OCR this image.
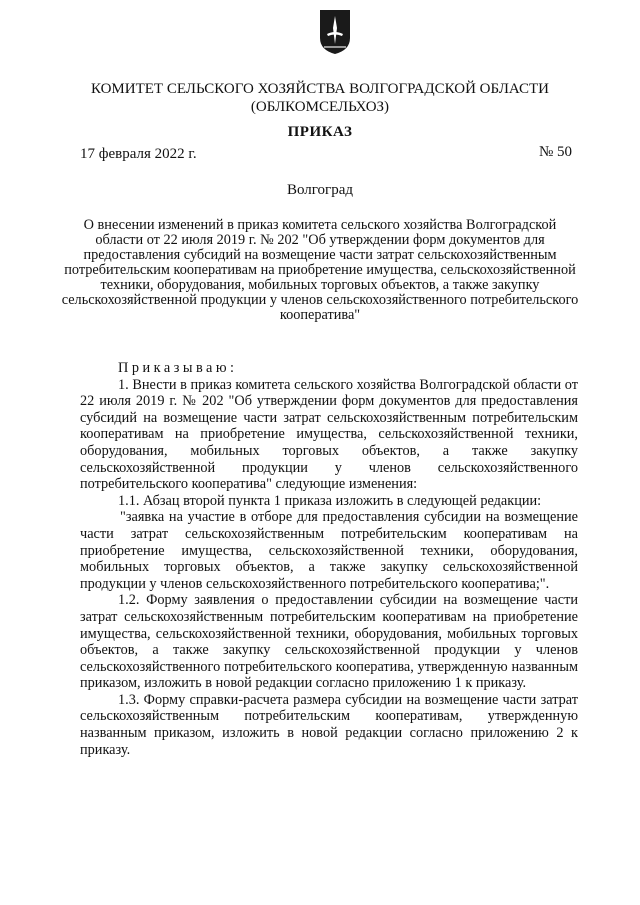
КОМИТЕТ СЕЛЬСКОГО ХОЗЯЙСТВА ВОЛГОГРАДСКОЙ ОБЛАСТИ
(ОБЛКОМСЕЛЬХОЗ)
ПРИКАЗ
17 февраля 2022 г.	№ 50
Волгоград
О внесении изменений в приказ комитета сельского хозяйства Волгоградской области от 22 июля 2019 г. № 202 "Об утверждении форм документов для предоставления субсидий на возмещение части затрат сельскохозяйственным потребительским кооперативам на приобретение имущества, сельскохозяйственной техники, оборудования, мобильных торговых объектов, а также закупку сельскохозяйственной продукции у членов сельскохозяйственного потребительского кооператива"

Приказываю:

1. Внести в приказ комитета сельского хозяйства Волгоградской области от 22 июля 2019 г. № 202 "Об утверждении форм документов для предоставления субсидий на возмещение части затрат сельскохозяйственным потребительским кооперативам на приобретение имущества, сельскохозяйственной техники, оборудования, мобильных торговых объектов, а также закупку сельскохозяйственной продукции у членов сельскохозяйственного потребительского кооператива" следующие изменения:

1.1. Абзац второй пункта 1 приказа изложить в следующей редакции:

"заявка на участие в отборе для предоставления субсидии на возмещение части затрат сельскохозяйственным потребительским кооперативам на приобретение имущества, сельскохозяйственной техники, оборудования, мобильных торговых объектов, а также закупку сельскохозяйственной продукции у членов сельскохозяйственного потребительского кооператива;".

1.2. Форму заявления о предоставлении субсидии на возмещение части затрат сельскохозяйственным потребительским кооперативам на приобретение имущества, сельскохозяйственной техники, оборудования, мобильных торговых объектов, а также закупку сельскохозяйственной продукции у членов сельскохозяйственного потребительского кооператива, утвержденную названным приказом, изложить в новой редакции согласно приложению 1 к приказу.

1.3. Форму справки-расчета размера субсидии на возмещение части затрат сельскохозяйственным потребительским кооперативам, утвержденную названным приказом, изложить в новой редакции согласно приложению 2 к приказу.
